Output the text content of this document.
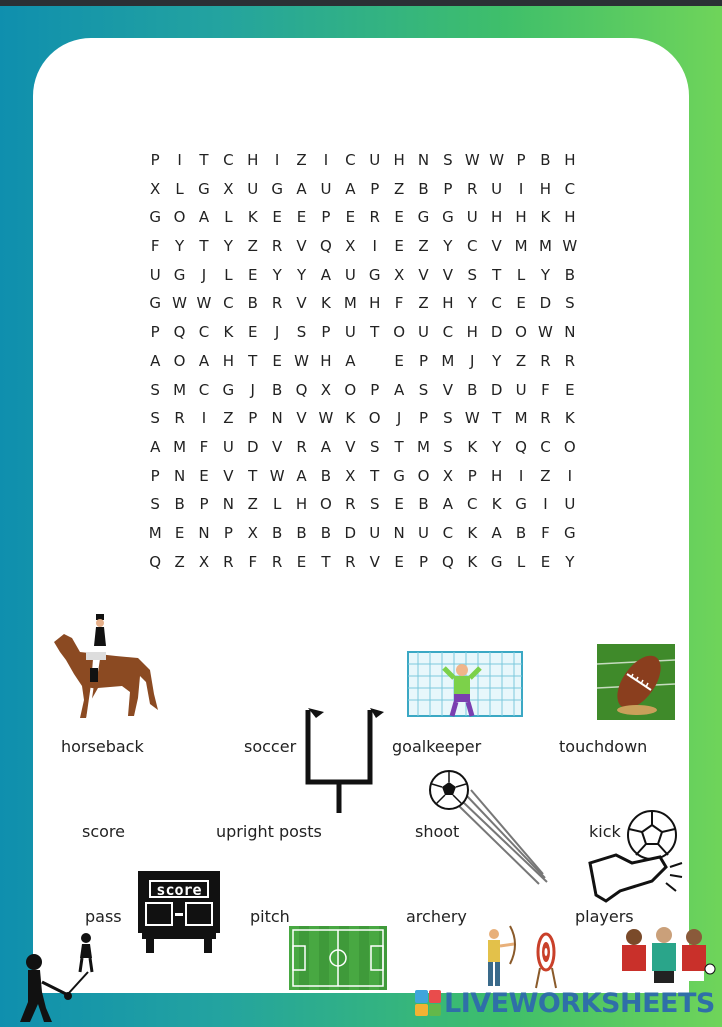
P	I	T C H	I	Z	I	C U H N S W W P B H
X	L G X U G A U A P Z B P R U	I	H C
G O A	L	K E E	P	E R E G G U H H K H
F	Y	T	Y Z R V Q X	I	E Z Y C V M M W
U G	J	L	E	Y	Y A U G X V V S	T	L	Y B
G W W C B R V K M H F Z H Y C E D S
P Q C K E	J	S	P U T O U C H D O W N
A O A H T	E W H A	E	P M	J	Y Z R R
S M C G	J	B Q X O P A S V B D U F	E
S R	I	Z P N V W K O	J	P	S W T M R K
A M F U D V R A V S	T M S K Y Q C O
P N E V T W A B X T G O X P H	I	Z	I
S B P N Z	L H O R S E B A C K G	I	U
M E N P X B B B D U N U C K A B F G
Q Z X R F R E	T R V E	P Q K G L	E	Y
horseback	soccer	goalkeeper	touchdown
score	upright posts	shoot	kick
pass	pitch	archery	players
score
LIVEWORKSHEETS
